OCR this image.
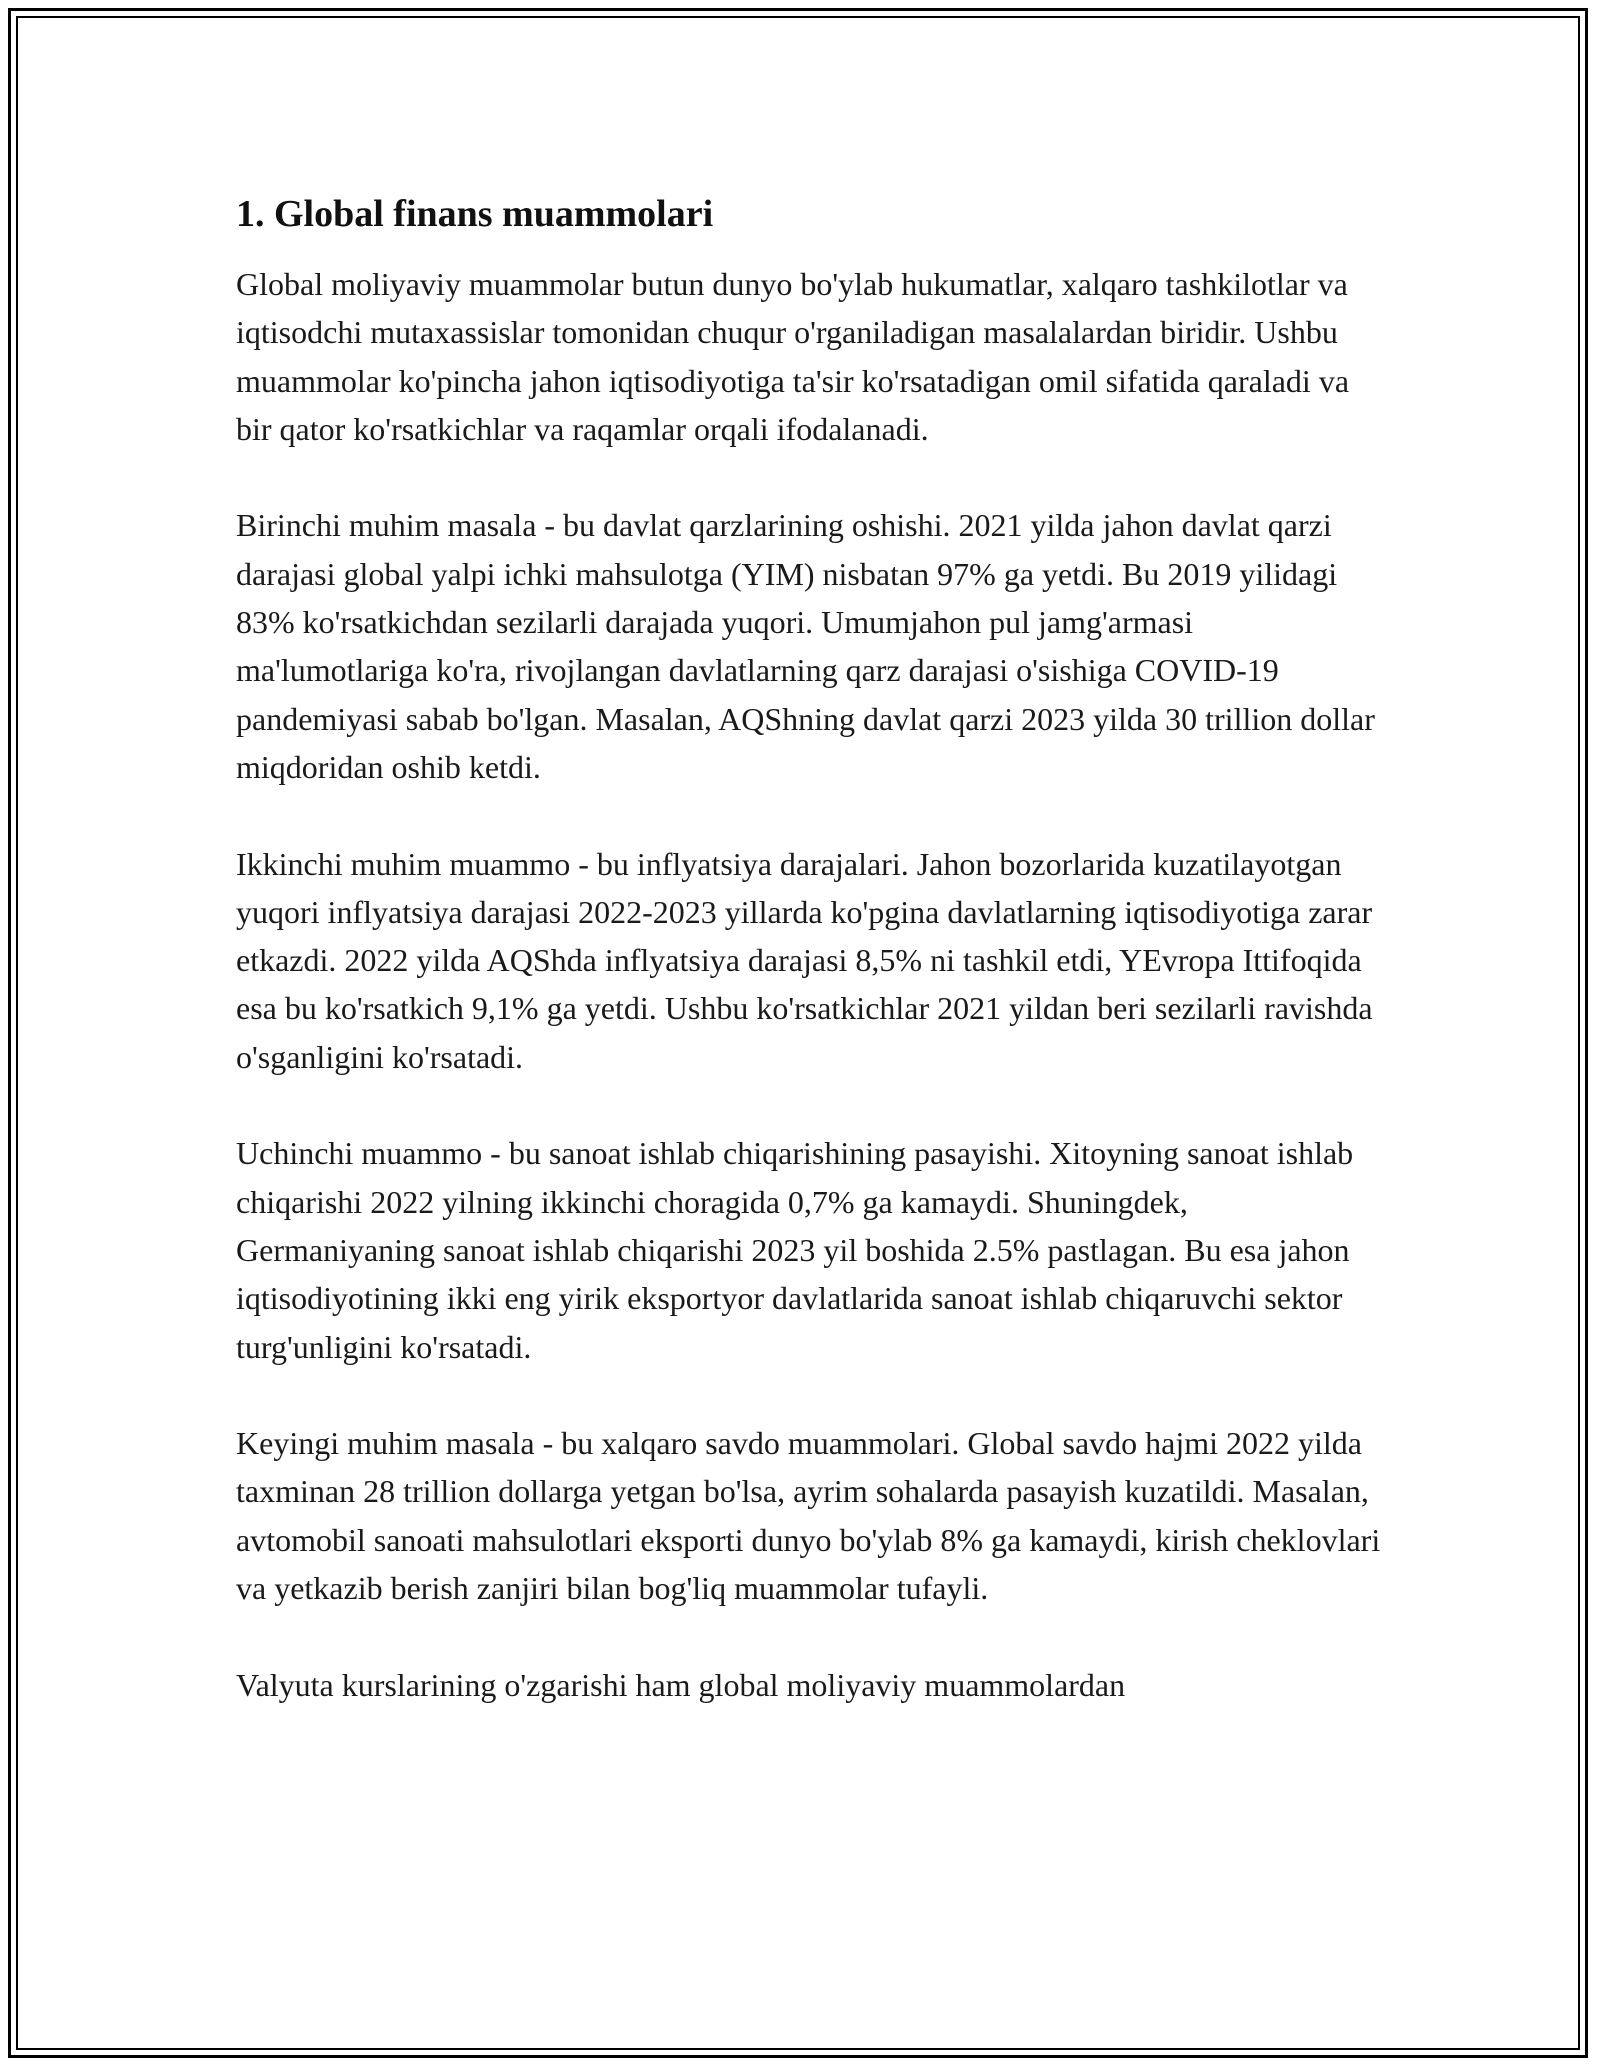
1. Global finans muammolari

Global moliyaviy muammolar butun dunyo bo'ylab hukumatlar, xalqaro tashkilotlar va iqtisodchi mutaxassislar tomonidan chuqur o'rganiladigan masalalardan biridir. Ushbu muammolar ko'pincha jahon iqtisodiyotiga ta'sir ko'rsatadigan omil sifatida qaraladi va bir qator ko'rsatkichlar va raqamlar orqali ifodalanadi.

Birinchi muhim masala - bu davlat qarzlarining oshishi. 2021 yilda jahon davlat qarzi darajasi global yalpi ichki mahsulotga (YIM) nisbatan 97% ga yetdi. Bu 2019 yilidagi 83% ko'rsatkichdan sezilarli darajada yuqori. Umumjahon pul jamg'armasi ma'lumotlariga ko'ra, rivojlangan davlatlarning qarz darajasi o'sishiga COVID-19 pandemiyasi sabab bo'lgan. Masalan, AQShning davlat qarzi 2023 yilda 30 trillion dollar miqdoridan oshib ketdi.

Ikkinchi muhim muammo - bu inflyatsiya darajalari. Jahon bozorlarida kuzatilayotgan yuqori inflyatsiya darajasi 2022-2023 yillarda ko'pgina davlatlarning iqtisodiyotiga zarar etkazdi. 2022 yilda AQShda inflyatsiya darajasi 8,5% ni tashkil etdi, YEvropa Ittifoqida esa bu ko'rsatkich 9,1% ga yetdi. Ushbu ko'rsatkichlar 2021 yildan beri sezilarli ravishda o'sganligini ko'rsatadi.

Uchinchi muammo - bu sanoat ishlab chiqarishining pasayishi. Xitoyning sanoat ishlab chiqarishi 2022 yilning ikkinchi choragida 0,7% ga kamaydi. Shuningdek, Germaniyaning sanoat ishlab chiqarishi 2023 yil boshida 2.5% pastlagan. Bu esa jahon iqtisodiyotining ikki eng yirik eksportyor davlatlarida sanoat ishlab chiqaruvchi sektor turg'unligini ko'rsatadi.

Keyingi muhim masala - bu xalqaro savdo muammolari. Global savdo hajmi 2022 yilda taxminan 28 trillion dollarga yetgan bo'lsa, ayrim sohalarda pasayish kuzatildi. Masalan, avtomobil sanoati mahsulotlari eksporti dunyo bo'ylab 8% ga kamaydi, kirish cheklovlari va yetkazib berish zanjiri bilan bog'liq muammolar tufayli.

Valyuta kurslarining o'zgarishi ham global moliyaviy muammolardan
